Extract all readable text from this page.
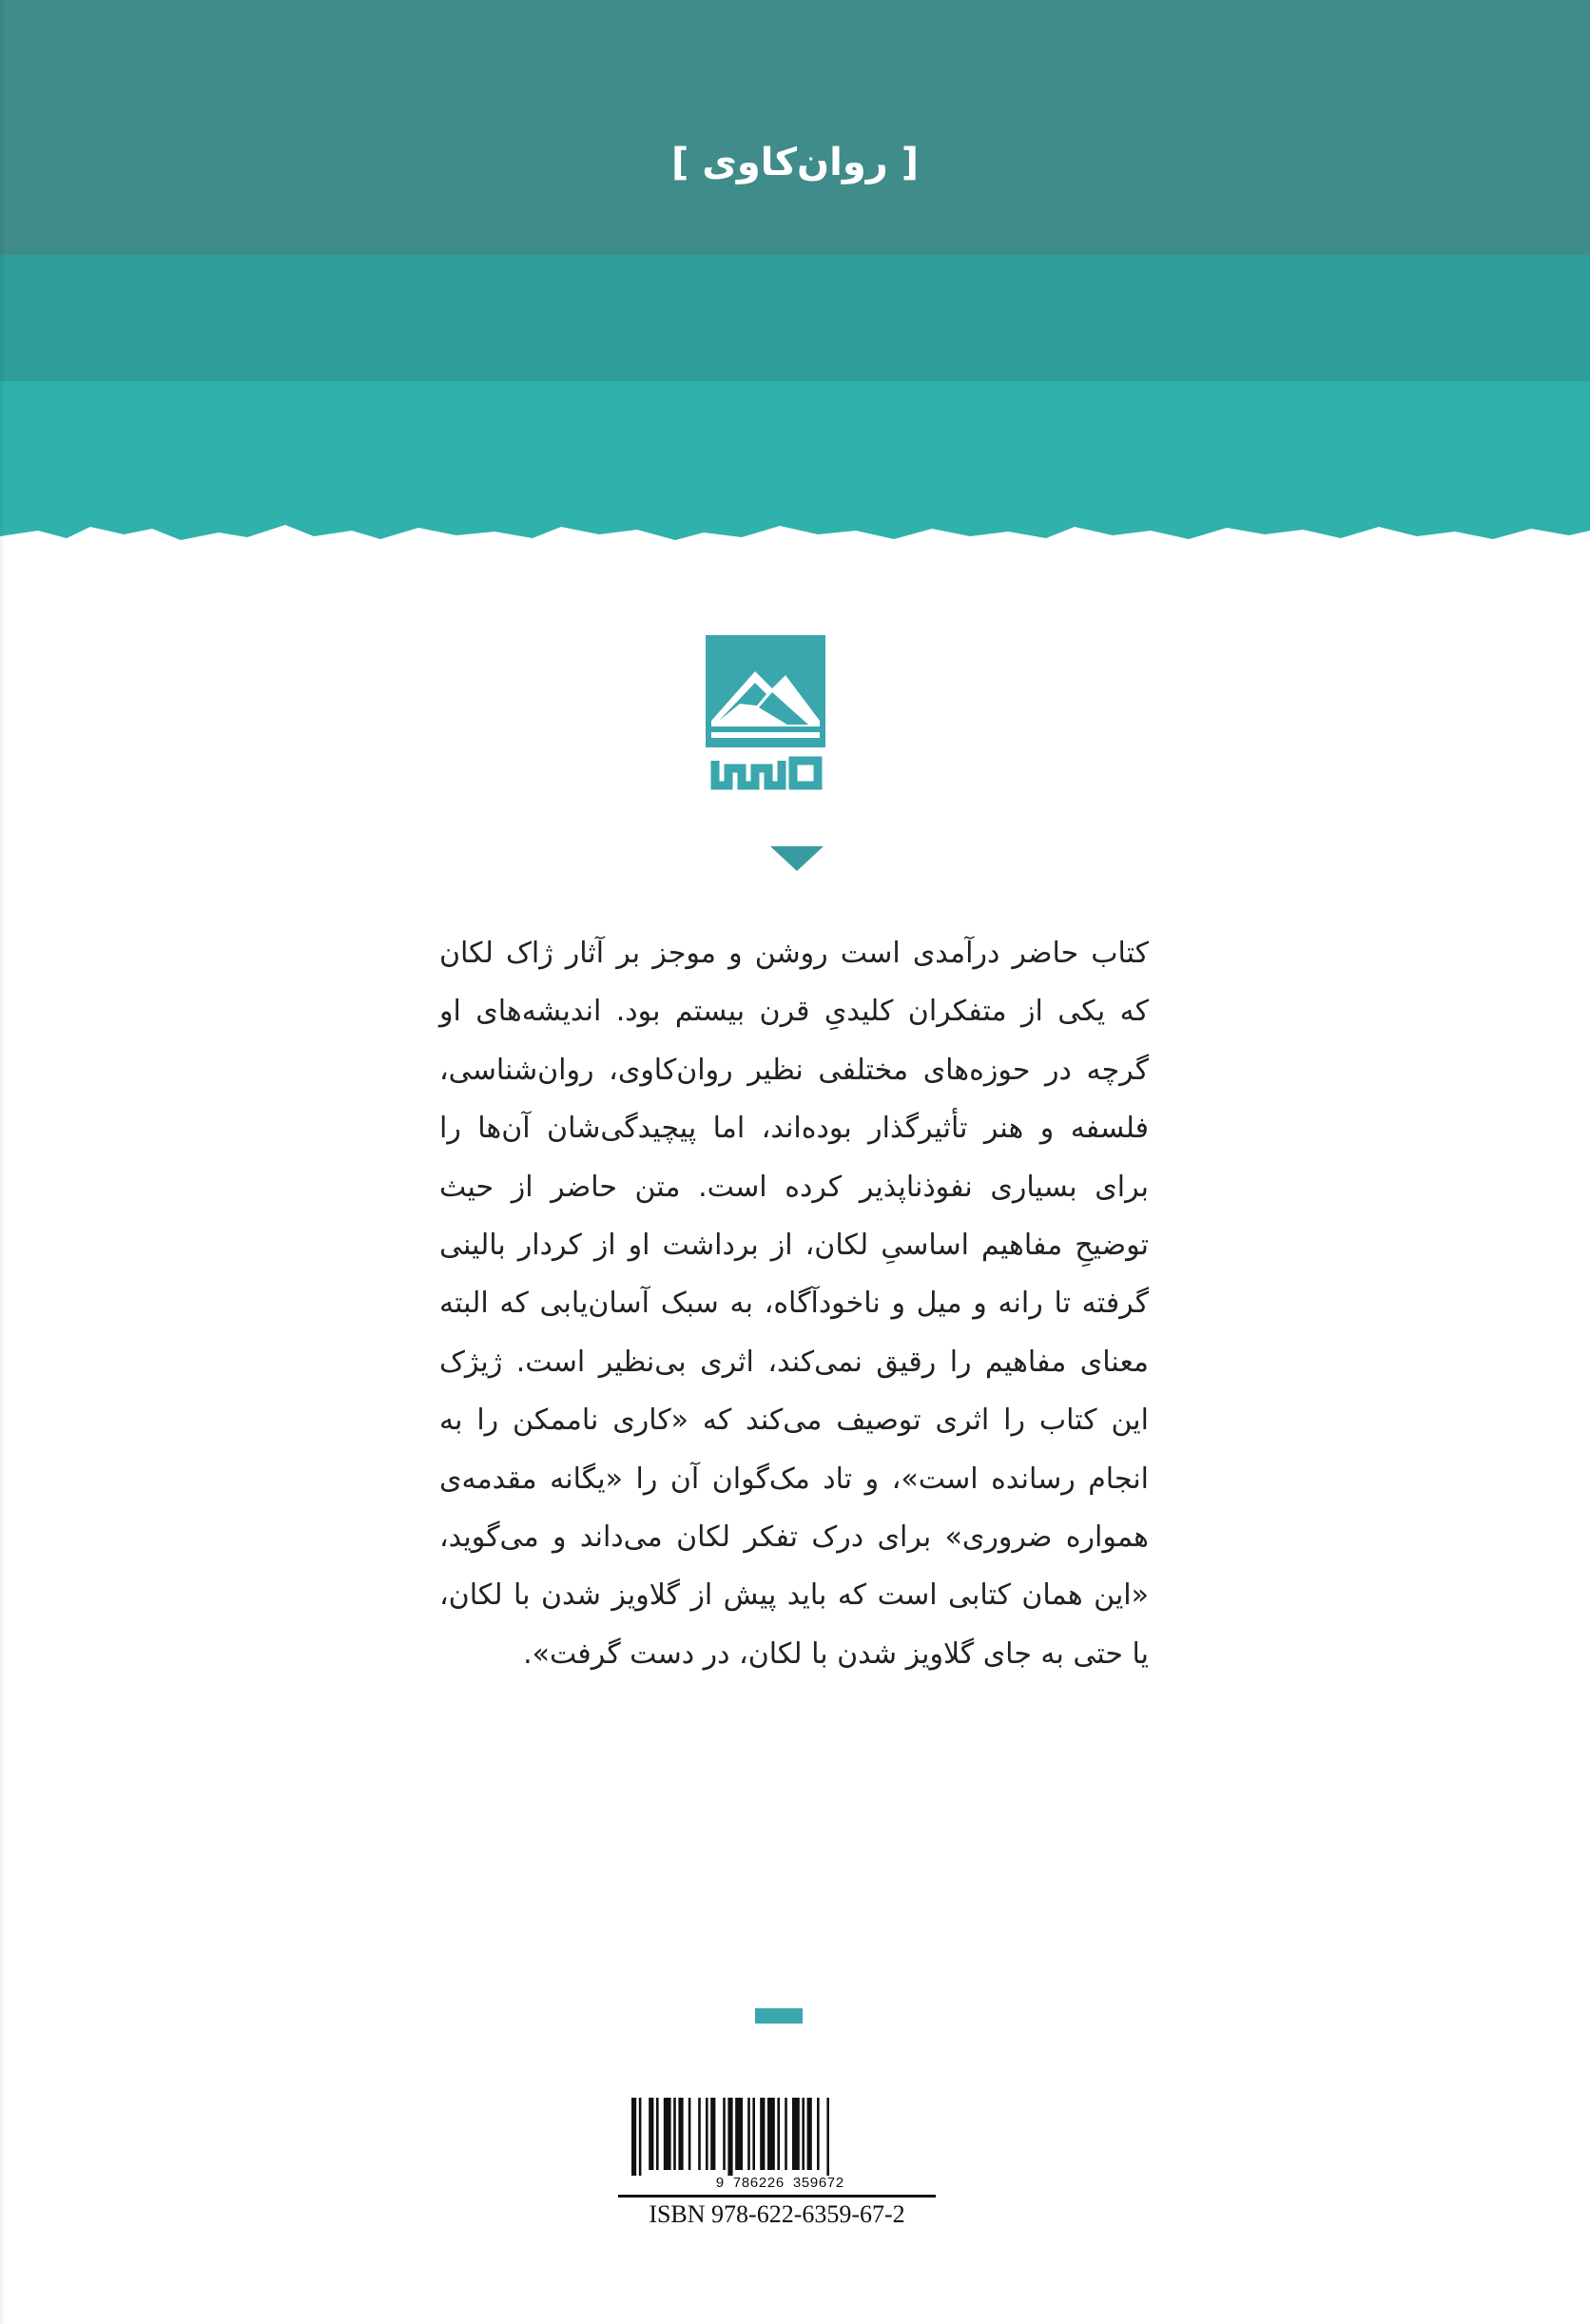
[ روان‌کاوی ]
کتاب حاضر درآمدی است روشن و موجز بر آثار ژاک لکان که یکی از متفکران کلیدیِ قرن بیستم بود. اندیشه‌های او گرچه در حوزه‌های مختلفی نظیر روان‌کاوی، روان‌شناسی، فلسفه و هنر تأثیرگذار بوده‌اند، اما پیچیدگی‌شان آن‌ها را برای بسیاری نفوذناپذیر کرده است. متن حاضر از حیث توضیحِ مفاهیم اساسیِ لکان، از برداشت او از کردار بالینی گرفته تا رانه و میل و ناخودآگاه، به سبک آسان‌یابی که البته معنای مفاهیم را رقیق نمی‌کند، اثری بی‌نظیر است. ژیژک این کتاب را اثری توصیف می‌کند که «کاری ناممکن را به انجام رسانده است»، و تاد مک‌گوان آن را «یگانه مقدمه‌ی همواره ضروری» برای درک تفکر لکان می‌داند و می‌گوید، «این همان کتابی است که باید پیش از گلاویز شدن با لکان، یا حتی به جای گلاویز شدن با لکان، در دست گرفت».
9 786226 359672
ISBN 978-622-6359-67-2
